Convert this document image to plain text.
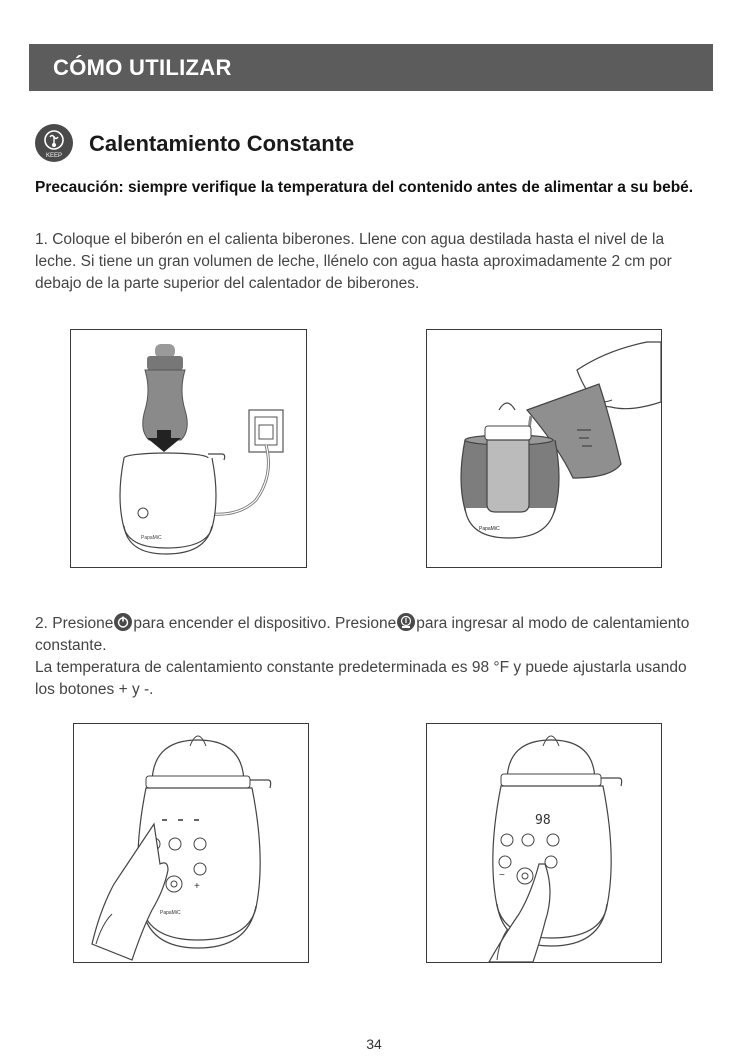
CÓMO UTILIZAR
KEEP Calentamiento Constante
Precaución: siempre verifique la temperatura del contenido antes de alimentar a su bebé.
1. Coloque el biberón en el calienta biberones. Llene con agua destilada hasta el nivel de la leche. Si tiene un gran volumen de leche, llénelo con agua hasta aproximadamente 2 cm por debajo de la parte superior del calentador de biberones.
PapaMiC
PapaMiC
2. Presione para encender el dispositivo. Presione para ingresar al modo de calentamiento constante.
La temperatura de calentamiento constante predeterminada es 98 °F y puede ajustarla usando los botones + y -.
+
PapaMiC
98
−
34
